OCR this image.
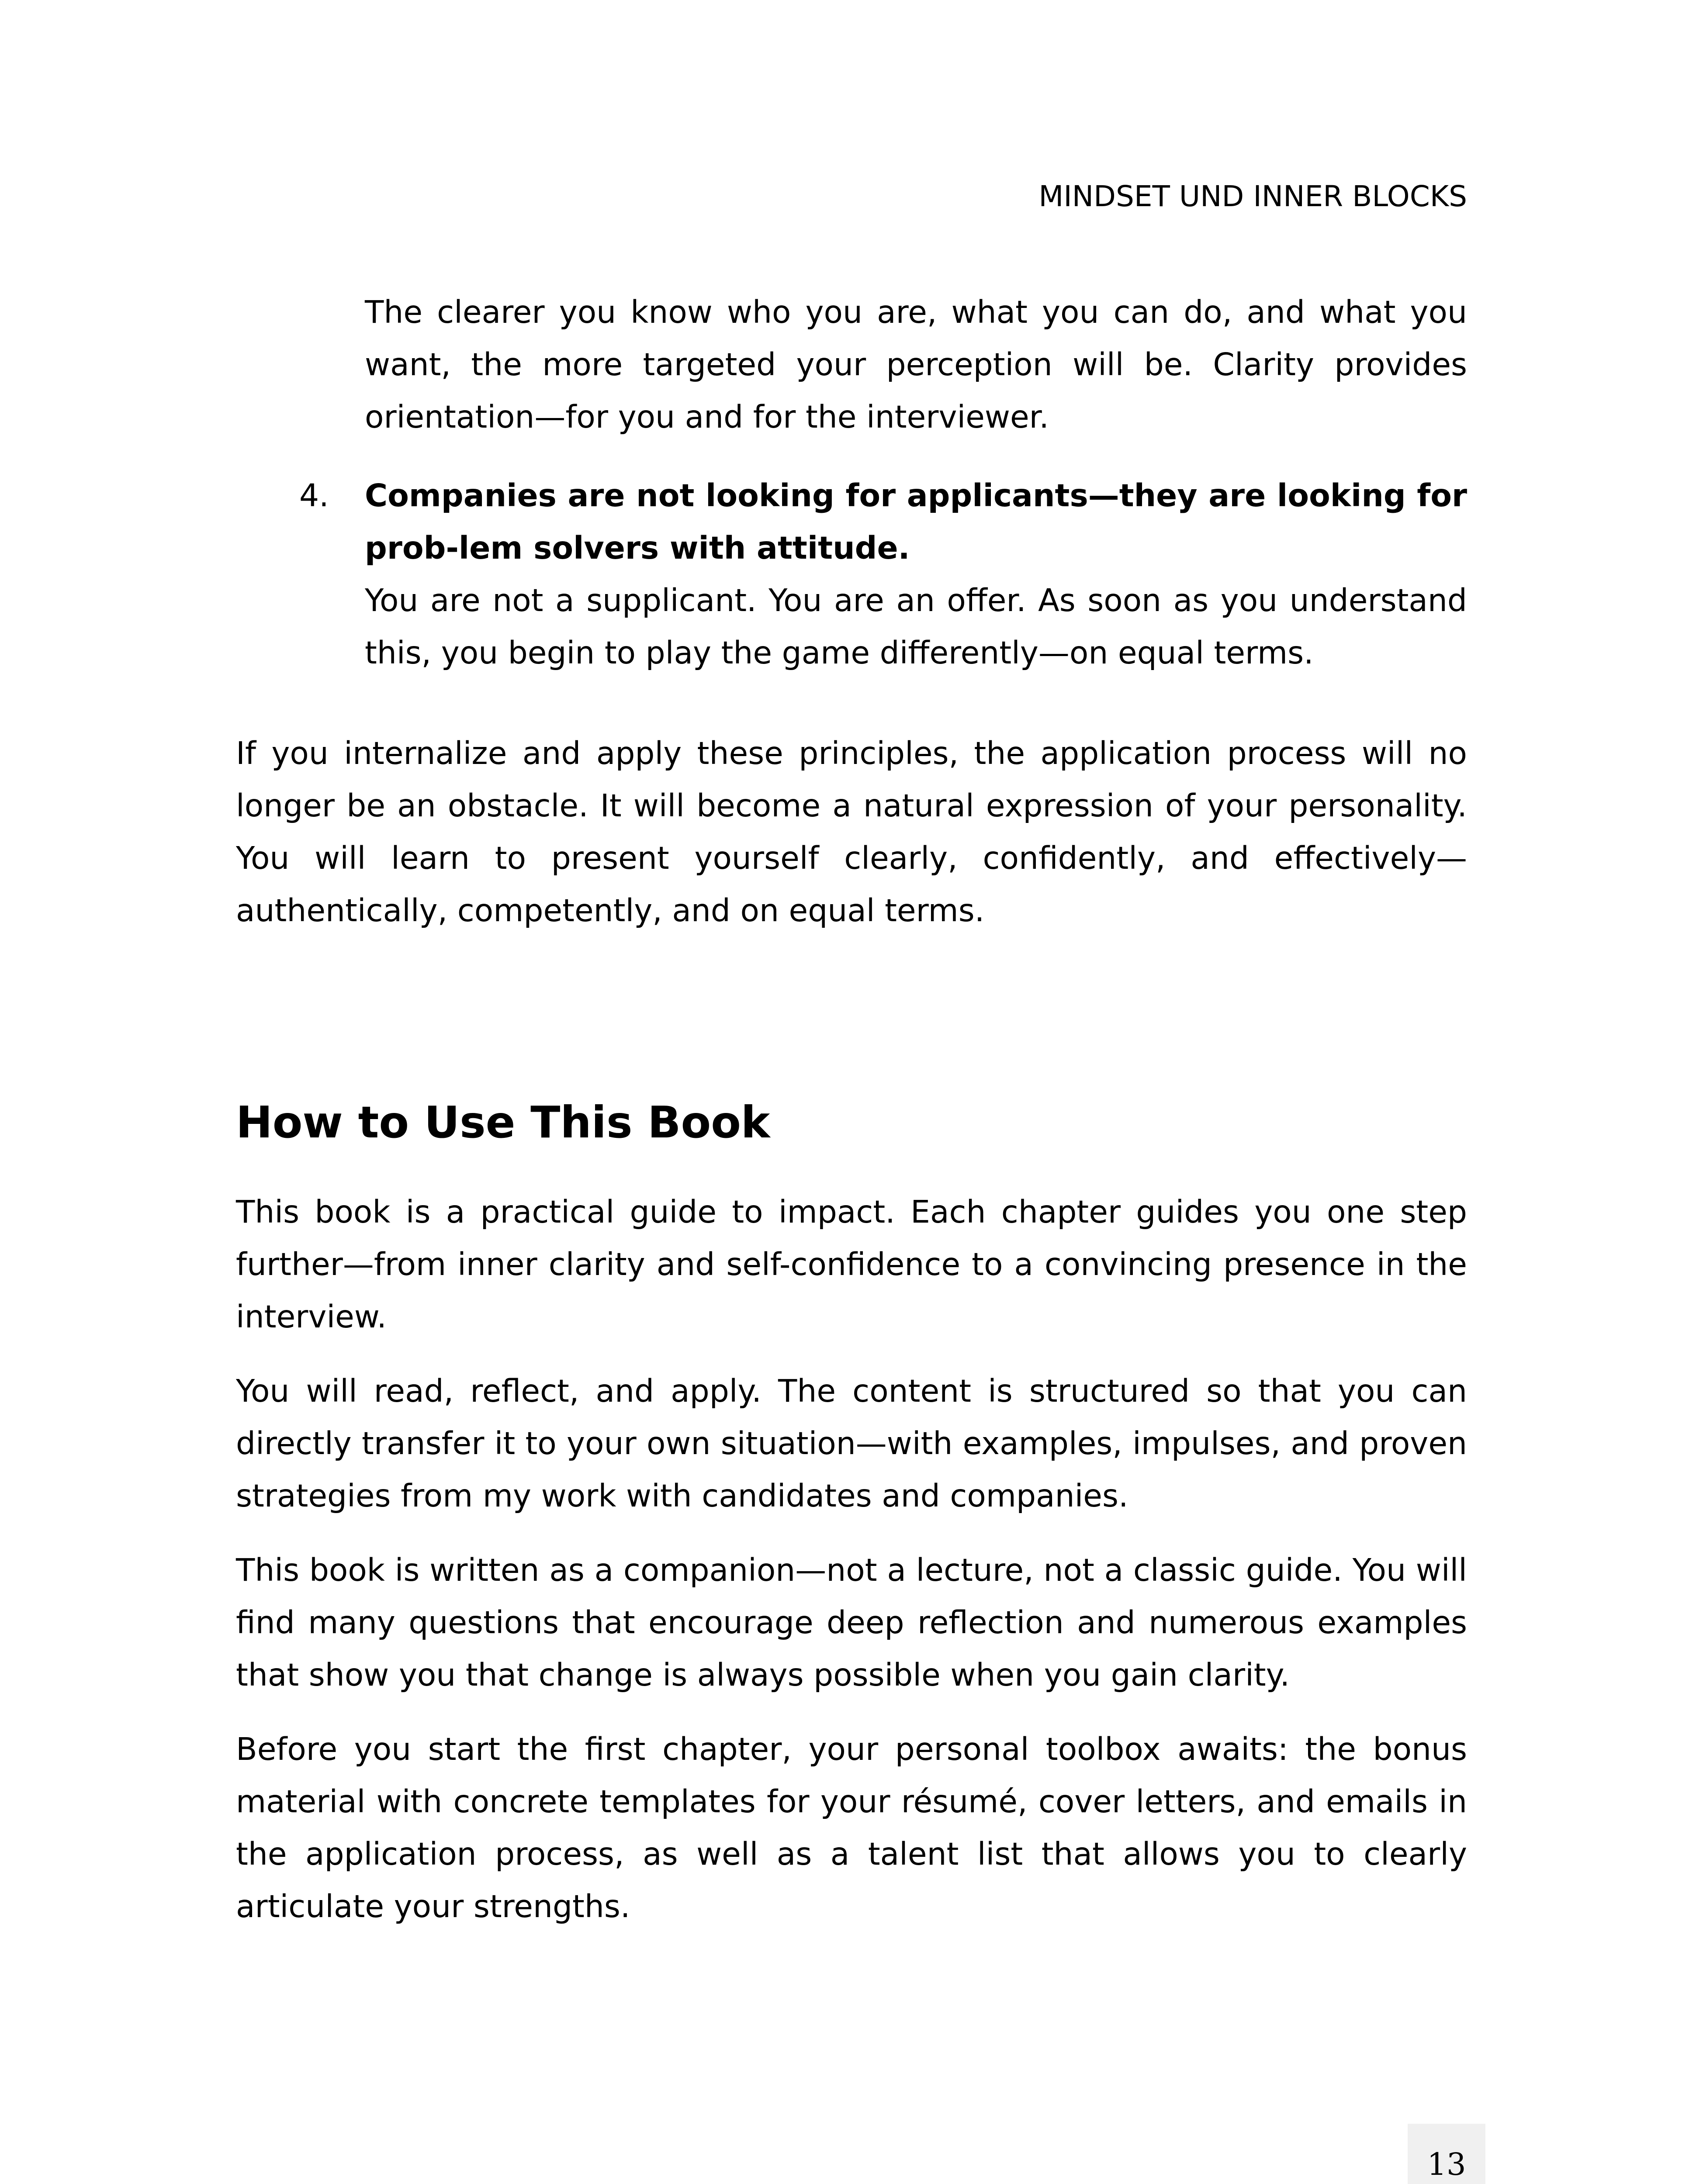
MINDSET UND INNER BLOCKS

The clearer you know who you are, what you can do, and what you want, the more targeted your perception will be. Clarity provides orientation—for you and for the interviewer.

4. Companies are not looking for applicants—they are looking for prob-lem solvers with attitude.

You are not a supplicant. You are an offer. As soon as you understand this, you begin to play the game differently—on equal terms.

If you internalize and apply these principles, the application process will no longer be an obstacle. It will become a natural expression of your personality. You will learn to present yourself clearly, confidently, and effectively—authentically, competently, and on equal terms.

How to Use This Book

This book is a practical guide to impact. Each chapter guides you one step further—from inner clarity and self-confidence to a convincing presence in the interview.

You will read, reflect, and apply. The content is structured so that you can directly transfer it to your own situation—with examples, impulses, and proven strategies from my work with candidates and companies.

This book is written as a companion—not a lecture, not a classic guide. You will find many questions that encourage deep reflection and numerous examples that show you that change is always possible when you gain clarity.

Before you start the first chapter, your personal toolbox awaits: the bonus material with concrete templates for your résumé, cover letters, and emails in the application process, as well as a talent list that allows you to clearly articulate your strengths.

13
